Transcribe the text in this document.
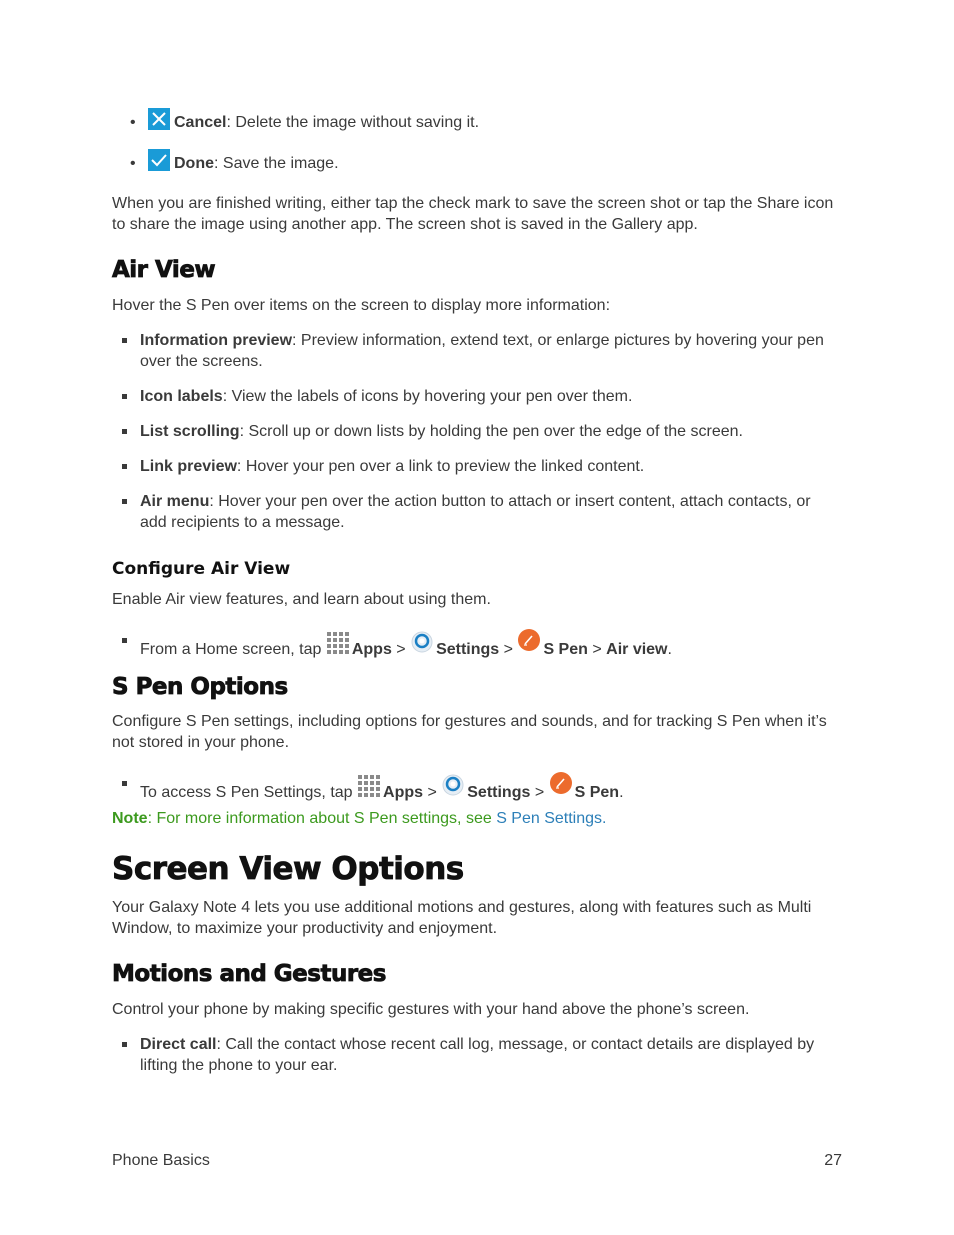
• Cancel: Delete the image without saving it.
• Done: Save the image.

When you are finished writing, either tap the check mark to save the screen shot or tap the Share icon to share the image using another app. The screen shot is saved in the Gallery app.

Air View

Hover the S Pen over items on the screen to display more information:

Information preview: Preview information, extend text, or enlarge pictures by hovering your pen over the screens.
Icon labels: View the labels of icons by hovering your pen over them.
List scrolling: Scroll up or down lists by holding the pen over the edge of the screen.
Link preview: Hover your pen over a link to preview the linked content.
Air menu: Hover your pen over the action button to attach or insert content, attach contacts, or add recipients to a message.
Configure Air View

Enable Air view features, and learn about using them.

From a Home screen, tap Apps > Settings > S Pen > Air view.
S Pen Options

Configure S Pen settings, including options for gestures and sounds, and for tracking S Pen when it’s not stored in your phone.

To access S Pen Settings, tap Apps > Settings > S Pen.

Note: For more information about S Pen settings, see S Pen Settings.

Screen View Options

Your Galaxy Note 4 lets you use additional motions and gestures, along with features such as Multi Window, to maximize your productivity and enjoyment.

Motions and Gestures

Control your phone by making specific gestures with your hand above the phone’s screen.

Direct call: Call the contact whose recent call log, message, or contact details are displayed by lifting the phone to your ear.
Phone Basics	27
